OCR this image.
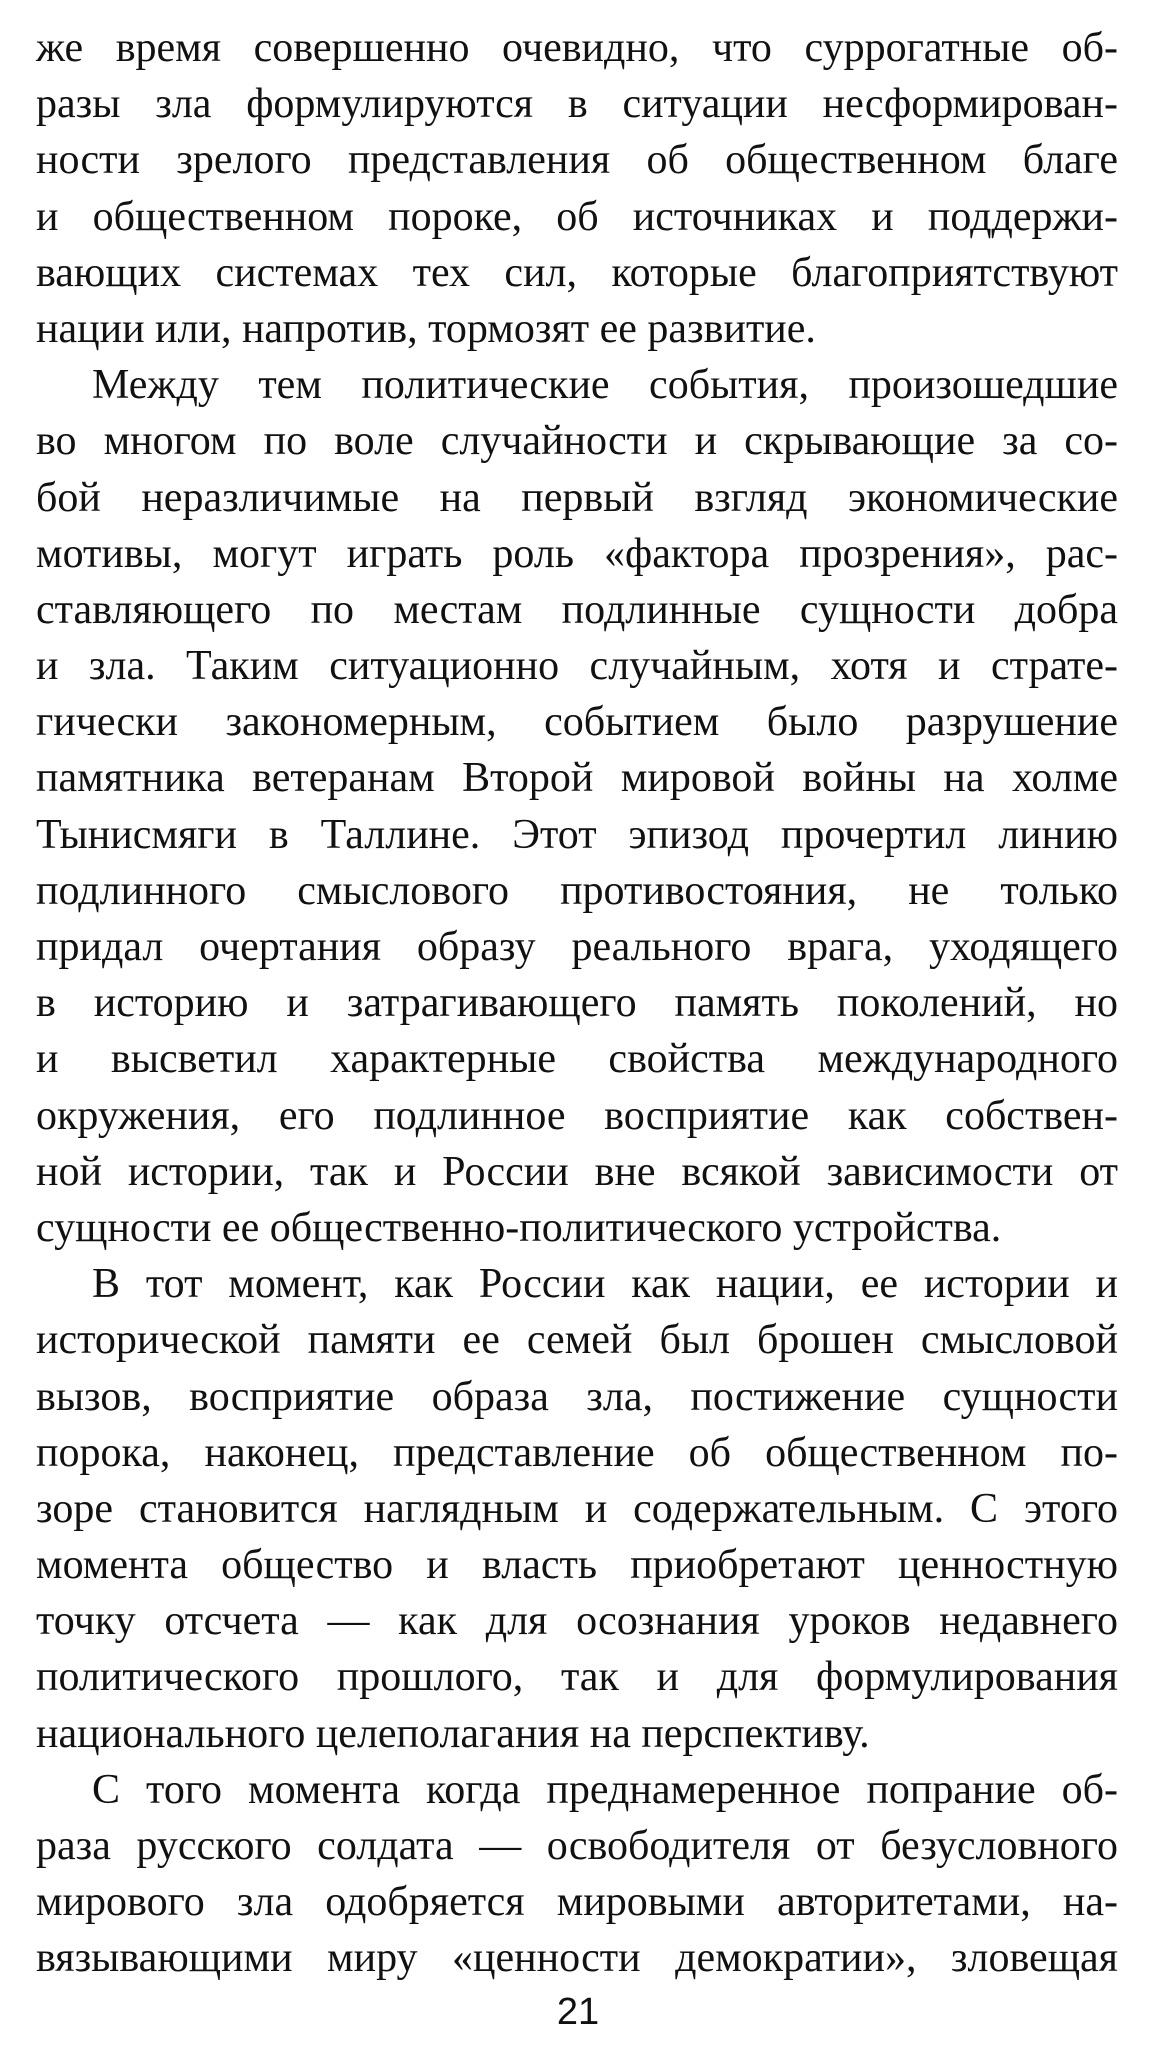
же время совершенно очевидно, что суррогатные об-
разы зла формулируются в ситуации несформирован-
ности зрелого представления об общественном благе
и общественном пороке, об источниках и поддержи-
вающих системах тех сил, которые благоприятствуют
нации или, напротив, тормозят ее развитие.
Между тем политические события, произошедшие
во многом по воле случайности и скрывающие за со-
бой неразличимые на первый взгляд экономические
мотивы, могут играть роль «фактора прозрения», рас-
ставляющего по местам подлинные сущности добра
и зла. Таким ситуационно случайным, хотя и страте-
гически закономерным, событием было разрушение
памятника ветеранам Второй мировой войны на холме
Тынисмяги в Таллине. Этот эпизод прочертил линию
подлинного смыслового противостояния, не только
придал очертания образу реального врага, уходящего
в историю и затрагивающего память поколений, но
и высветил характерные свойства международного
окружения, его подлинное восприятие как собствен-
ной истории, так и России вне всякой зависимости от
сущности ее общественно-политического устройства.
В тот момент, как России как нации, ее истории и
исторической памяти ее семей был брошен смысловой
вызов, восприятие образа зла, постижение сущности
порока, наконец, представление об общественном по-
зоре становится наглядным и содержательным. С этого
момента общество и власть приобретают ценностную
точку отсчета — как для осознания уроков недавнего
политического прошлого, так и для формулирования
национального целеполагания на перспективу.
С того момента когда преднамеренное попрание об-
раза русского солдата — освободителя от безусловного
мирового зла одобряется мировыми авторитетами, на-
вязывающими миру «ценности демократии», зловещая
21
